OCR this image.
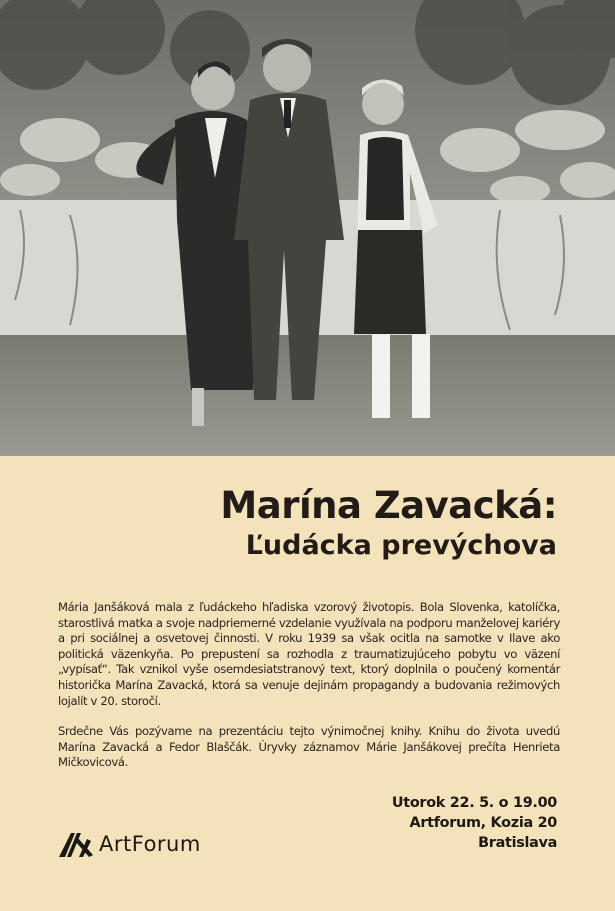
Marína Zavacká:
Ľudácka prevýchova

Mária Janšáková mala z ľudáckeho hľadiska vzorový životopis. Bola Slovenka, katolíčka, starostlivá matka a svoje nadpriemerné vzdelanie využívala na podporu manželovej kariéry a pri sociálnej a osvetovej činnosti. V roku 1939 sa však ocitla na samotke v Ilave ako politická väzenkyňa. Po prepustení sa rozhodla z traumatizujúceho pobytu vo väzení „vypísať“. Tak vznikol vyše osemdesiatstranový text, ktorý doplnila o poučený komentár historička Marína Zavacká, ktorá sa venuje dejinám propagandy a budovania režimových lojalít v 20. storočí.

Srdečne Vás pozývame na prezentáciu tejto výnimočnej knihy. Knihu do života uvedú Marína Zavacká a Fedor Blaščák. Úryvky záznamov Márie Janšákovej prečíta Henrieta Mičkovicová.

ArtForum
Utorok 22. 5. o 19.00
Artforum, Kozia 20
Bratislava
